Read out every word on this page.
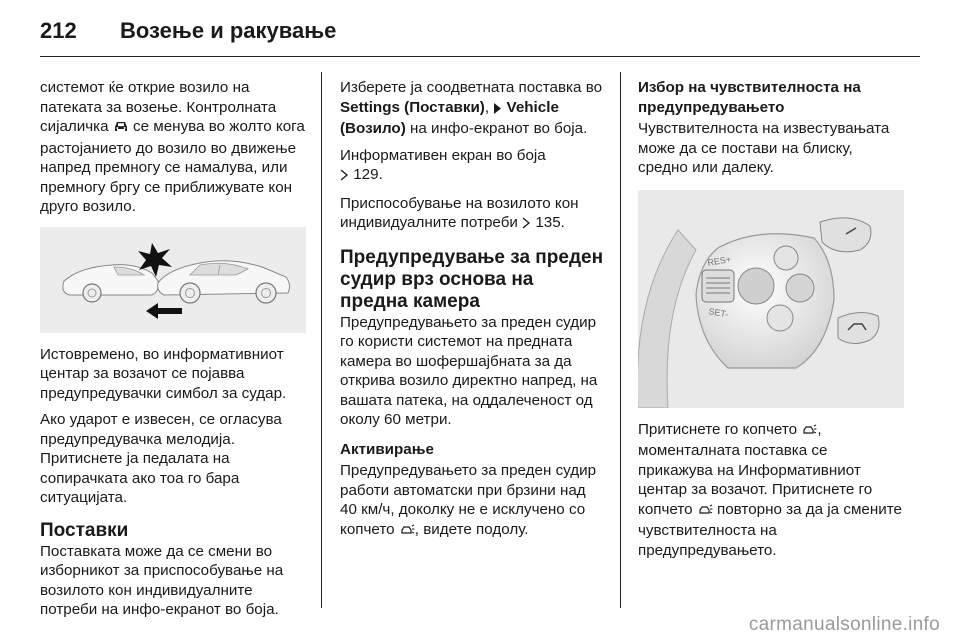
212	Возење и ракување

системот ќе открие возило на патеката за возење. Контролната сијаличка  се менува во жолто кога растојанието до возило во движење напред премногу се намалува, или премногу бргу се приближувате кон друго возило.

Истовремено, во информативниот центар за возачот се појавва предупредувачки симбол за судар.

Ако ударот е извесен, се огласува предупредувачка мелодија. Притиснете ја педалата на сопирачката ако тоа го бара ситуацијата.

Поставки

Поставката може да се смени во изборникот за приспособување на возилото кон индивидуалните потреби на инфо-екранот во боја.

Изберете ја соодветната поставка во Settings (Поставки),  Vehicle (Возило) на инфо-екранот во боја.

Информативен екран во боја
129.

Приспособување на возилото кон индивидуалните потреби  135.

Предупредување за преден судир врз основа на предна камера

Предупредувањето за преден судир го користи системот на предната камера во шофершајбната за да открива возило директно напред, на вашата патека, на оддалеченост од околу 60 метри.

Активирање

Предупредувањето за преден судир работи автоматски при брзини над 40 км/ч, доколку не е исклучено со копчето , видете подолу.

Избор на чувствителноста на предупредувањето

Чувствителноста на известувањата може да се постави на блиску, средно или далеку.

RES+
SET-

Притиснете го копчето , моменталната поставка се прикажува на Информативниот центар за возачот. Притиснете го копчето  повторно за да ја смените чувствителноста на предупредувањето.

carmanualsonline.info
